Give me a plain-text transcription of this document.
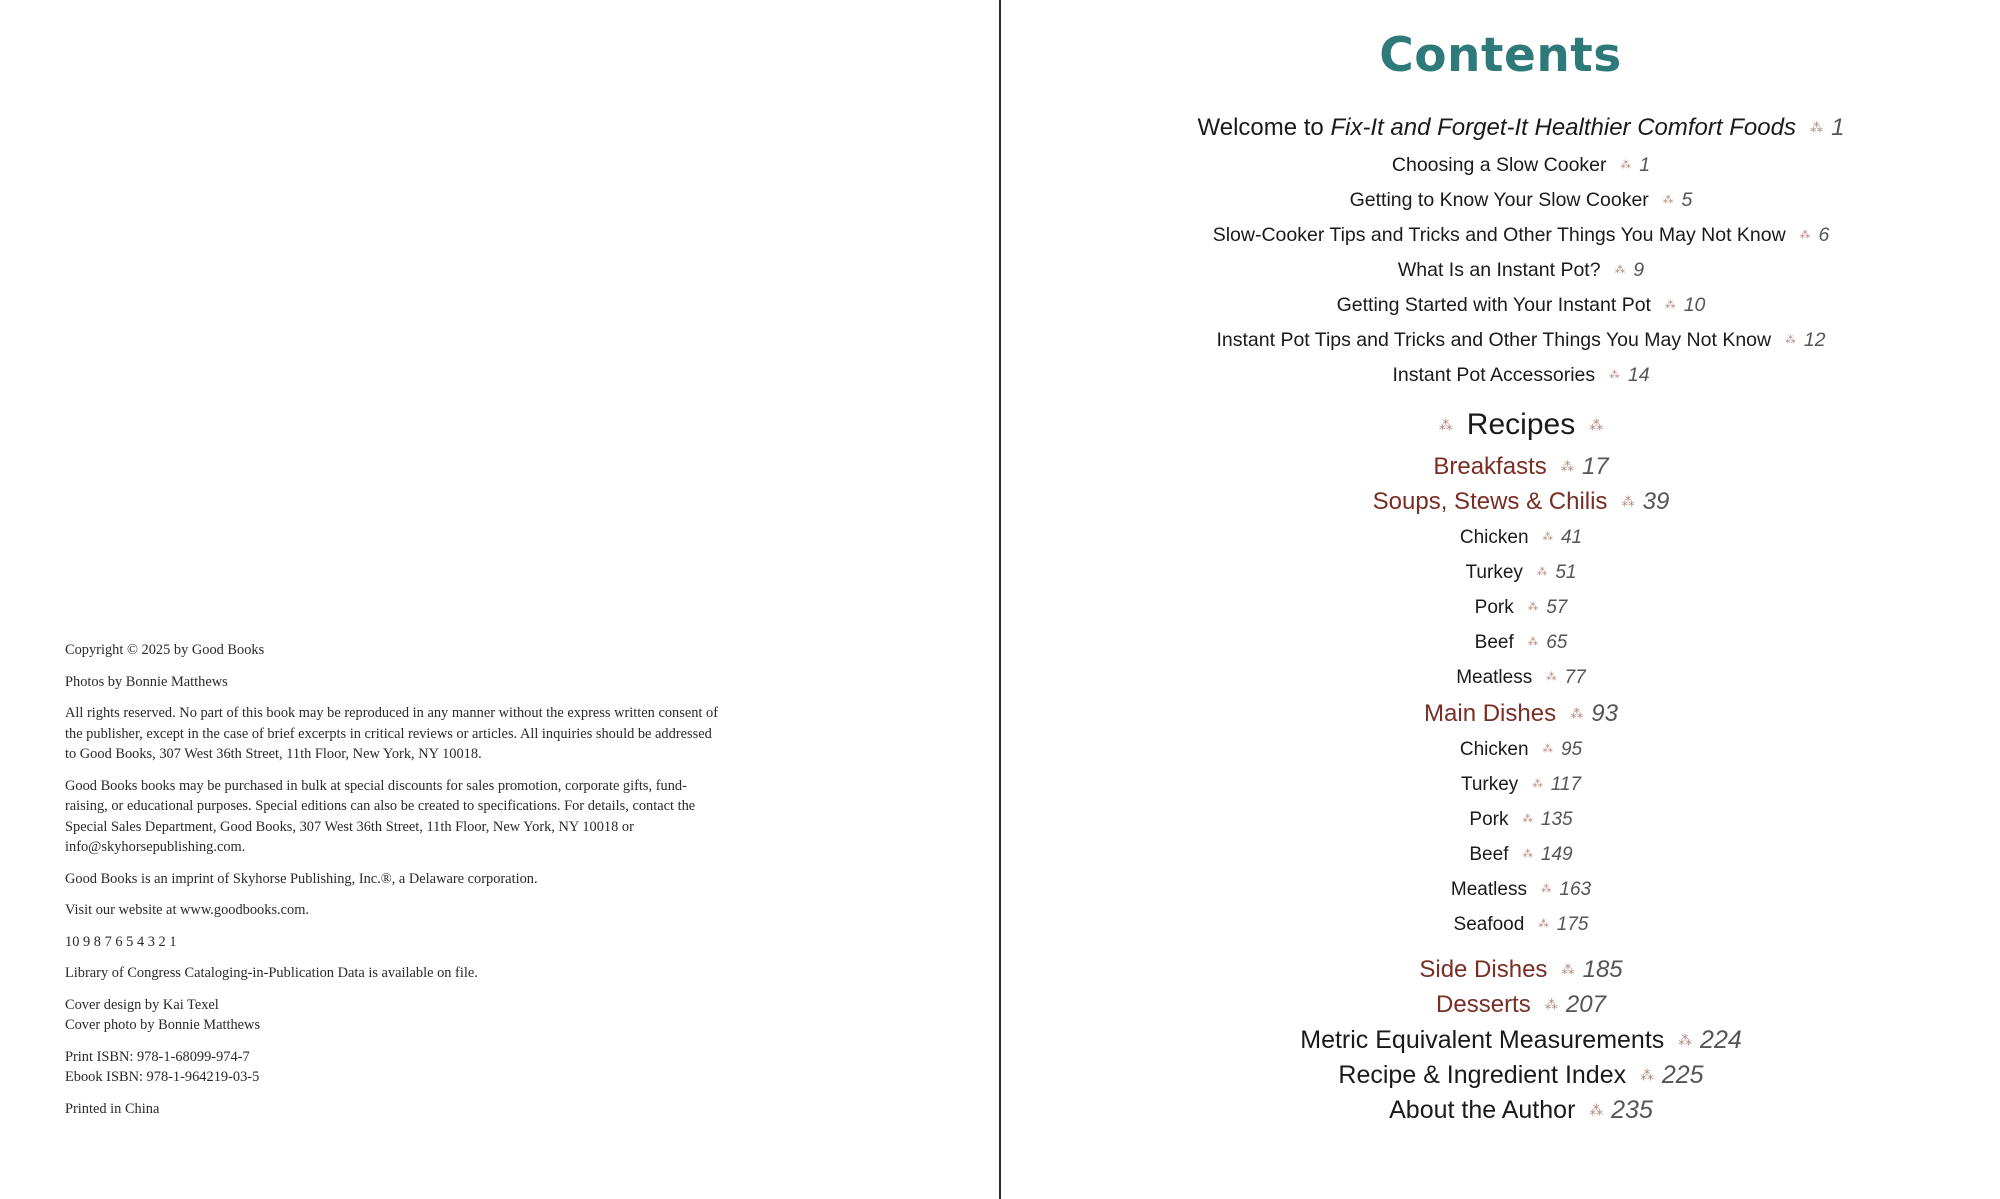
Copyright © 2025 by Good Books

Photos by Bonnie Matthews

All rights reserved. No part of this book may be reproduced in any manner without the express written consent of the publisher, except in the case of brief excerpts in critical reviews or articles. All inquiries should be addressed to Good Books, 307 West 36th Street, 11th Floor, New York, NY 10018.

Good Books books may be purchased in bulk at special discounts for sales promotion, corporate gifts, fund-raising, or educational purposes. Special editions can also be created to specifications. For details, contact the Special Sales Department, Good Books, 307 West 36th Street, 11th Floor, New York, NY 10018 or info@skyhorsepublishing.com.

Good Books is an imprint of Skyhorse Publishing, Inc.®, a Delaware corporation.

Visit our website at www.goodbooks.com.

10 9 8 7 6 5 4 3 2 1

Library of Congress Cataloging-in-Publication Data is available on file.

Cover design by Kai Texel
Cover photo by Bonnie Matthews

Print ISBN: 978-1-68099-974-7
Ebook ISBN: 978-1-964219-03-5

Printed in China

Contents
Welcome to Fix-It and Forget-It Healthier Comfort Foods ⁂ 1
Choosing a Slow Cooker ⁂ 1
Getting to Know Your Slow Cooker ⁂ 5
Slow-Cooker Tips and Tricks and Other Things You May Not Know ⁂ 6
What Is an Instant Pot? ⁂ 9
Getting Started with Your Instant Pot ⁂ 10
Instant Pot Tips and Tricks and Other Things You May Not Know ⁂ 12
Instant Pot Accessories ⁂ 14
⁂ Recipes ⁂
Breakfasts ⁂ 17
Soups, Stews & Chilis ⁂ 39
Chicken ⁂ 41
Turkey ⁂ 51
Pork ⁂ 57
Beef ⁂ 65
Meatless ⁂ 77
Main Dishes ⁂ 93
Chicken ⁂ 95
Turkey ⁂ 117
Pork ⁂ 135
Beef ⁂ 149
Meatless ⁂ 163
Seafood ⁂ 175
Side Dishes ⁂ 185
Desserts ⁂ 207
Metric Equivalent Measurements ⁂ 224
Recipe & Ingredient Index ⁂ 225
About the Author ⁂ 235
